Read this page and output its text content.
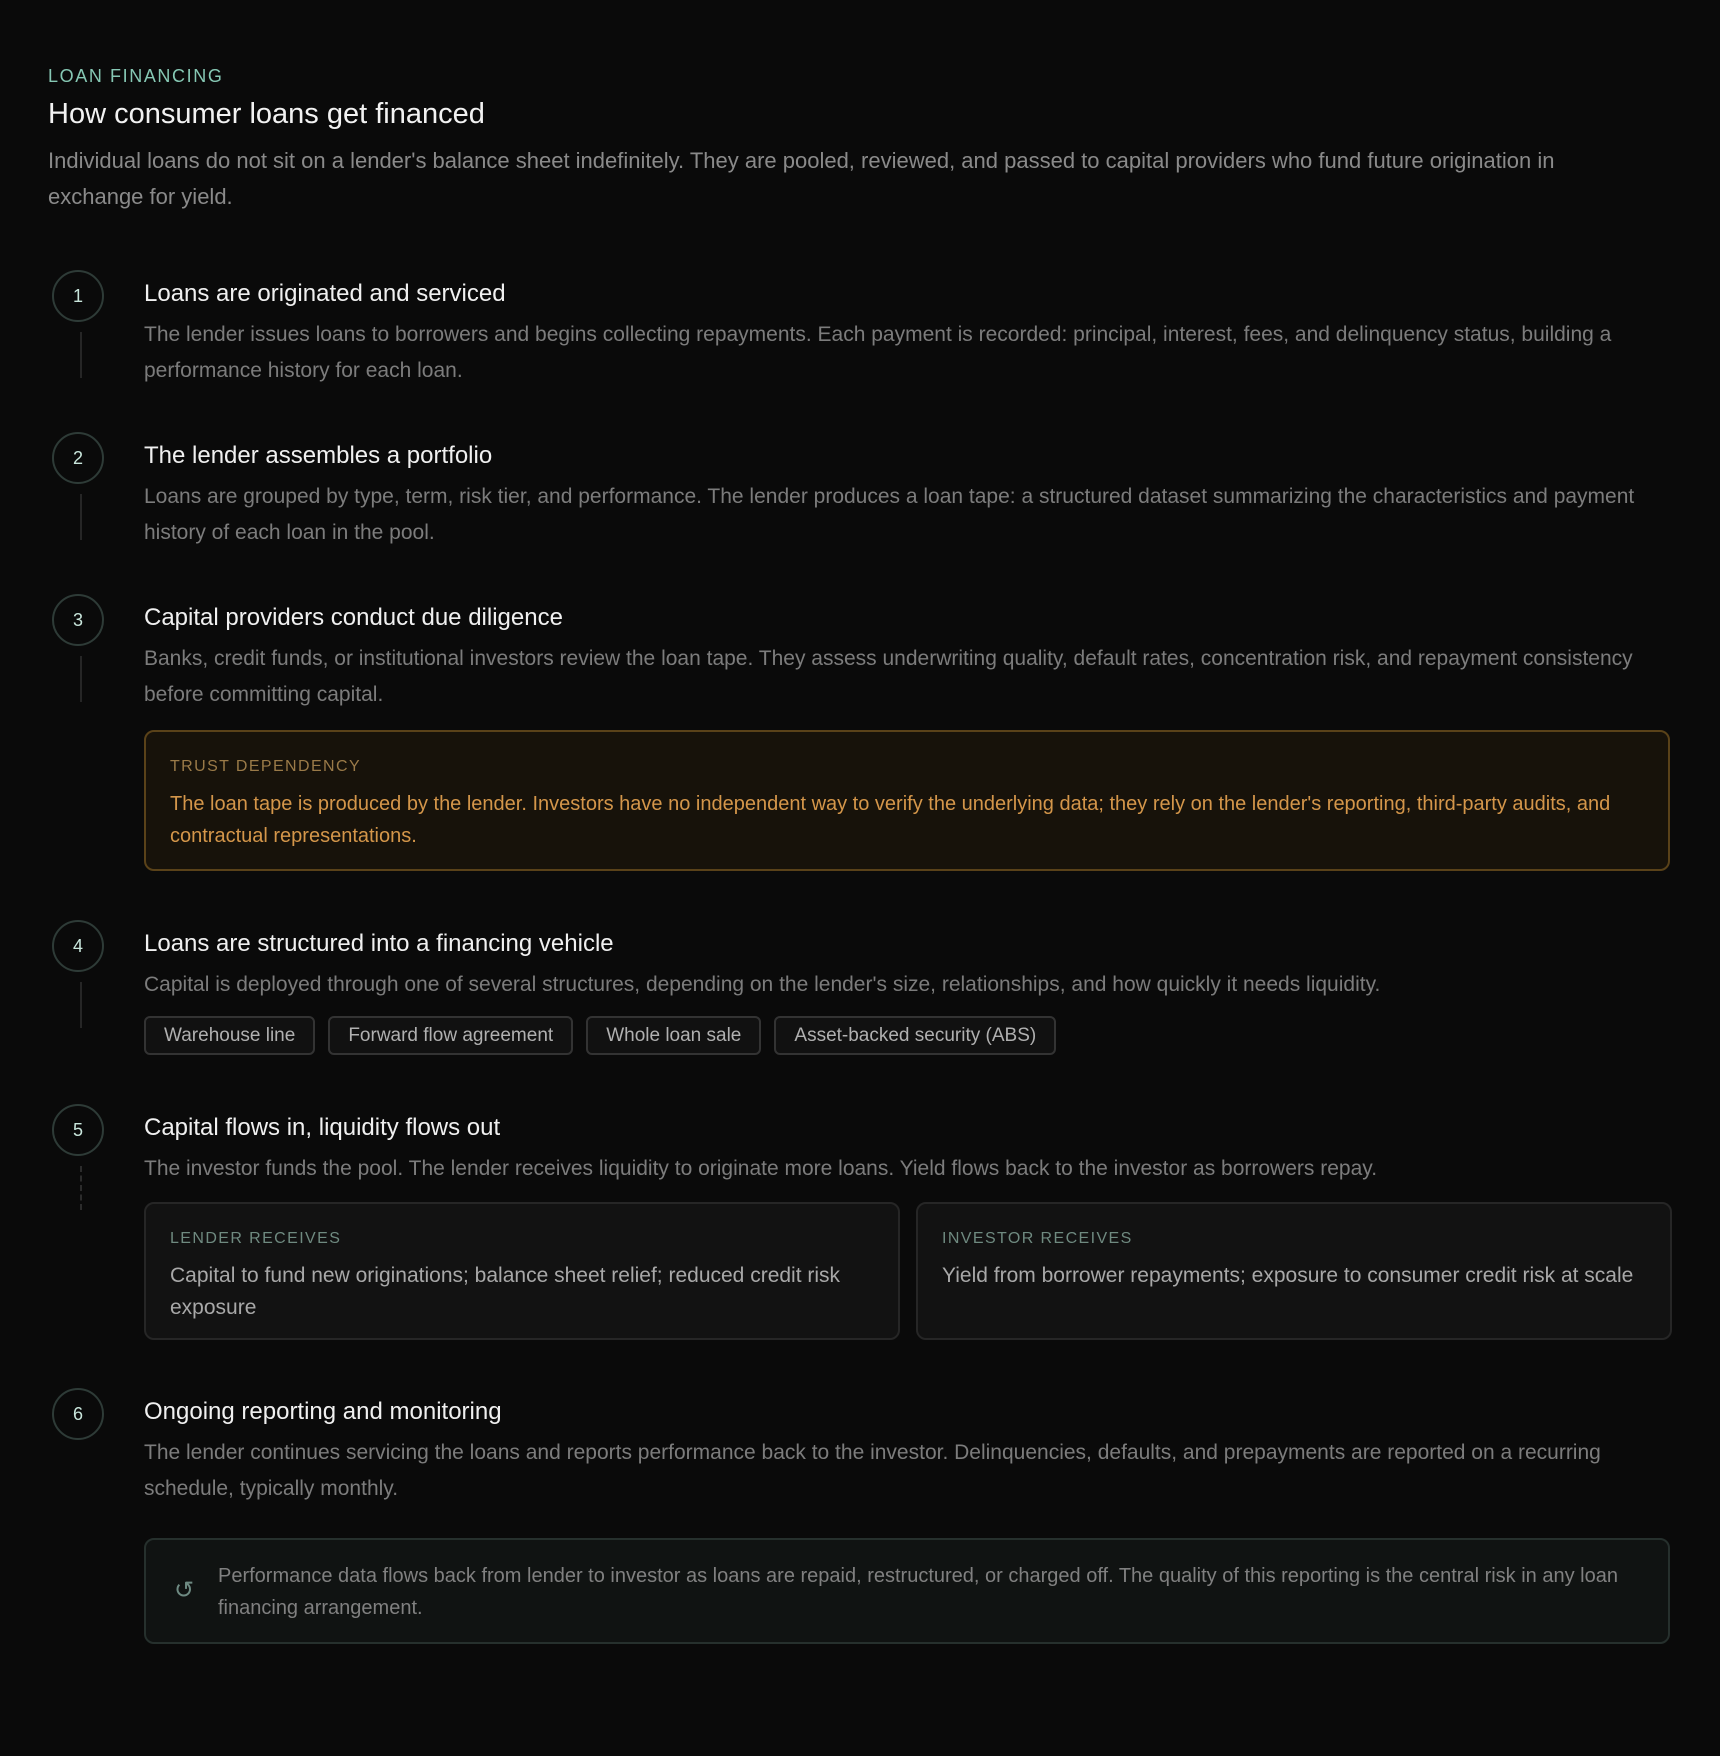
LOAN FINANCING
How consumer loans get financed

Individual loans do not sit on a lender's balance sheet indefinitely. They are pooled, reviewed, and passed to capital providers who fund future origination in exchange for yield.

1	Loans are originated and serviced

The lender issues loans to borrowers and begins collecting repayments. Each payment is recorded: principal, interest, fees, and delinquency status, building a performance history for each loan.

2	The lender assembles a portfolio

Loans are grouped by type, term, risk tier, and performance. The lender produces a loan tape: a structured dataset summarizing the characteristics and payment history of each loan in the pool.

3	Capital providers conduct due diligence

Banks, credit funds, or institutional investors review the loan tape. They assess underwriting quality, default rates, concentration risk, and repayment consistency before committing capital.

TRUST DEPENDENCY

The loan tape is produced by the lender. Investors have no independent way to verify the underlying data; they rely on the lender's reporting, third-party audits, and contractual representations.

4	Loans are structured into a financing vehicle

Capital is deployed through one of several structures, depending on the lender's size, relationships, and how quickly it needs liquidity.

Warehouse line	Forward flow agreement	Whole loan sale	Asset-backed security (ABS)
5	Capital flows in, liquidity flows out

The investor funds the pool. The lender receives liquidity to originate more loans. Yield flows back to the investor as borrowers repay.

LENDER RECEIVES

Capital to fund new originations; balance sheet relief; reduced credit risk exposure

INVESTOR RECEIVES

Yield from borrower repayments; exposure to consumer credit risk at scale

6	Ongoing reporting and monitoring

The lender continues servicing the loans and reports performance back to the investor. Delinquencies, defaults, and prepayments are reported on a recurring schedule, typically monthly.

↺

Performance data flows back from lender to investor as loans are repaid, restructured, or charged off. The quality of this reporting is the central risk in any loan financing arrangement.
